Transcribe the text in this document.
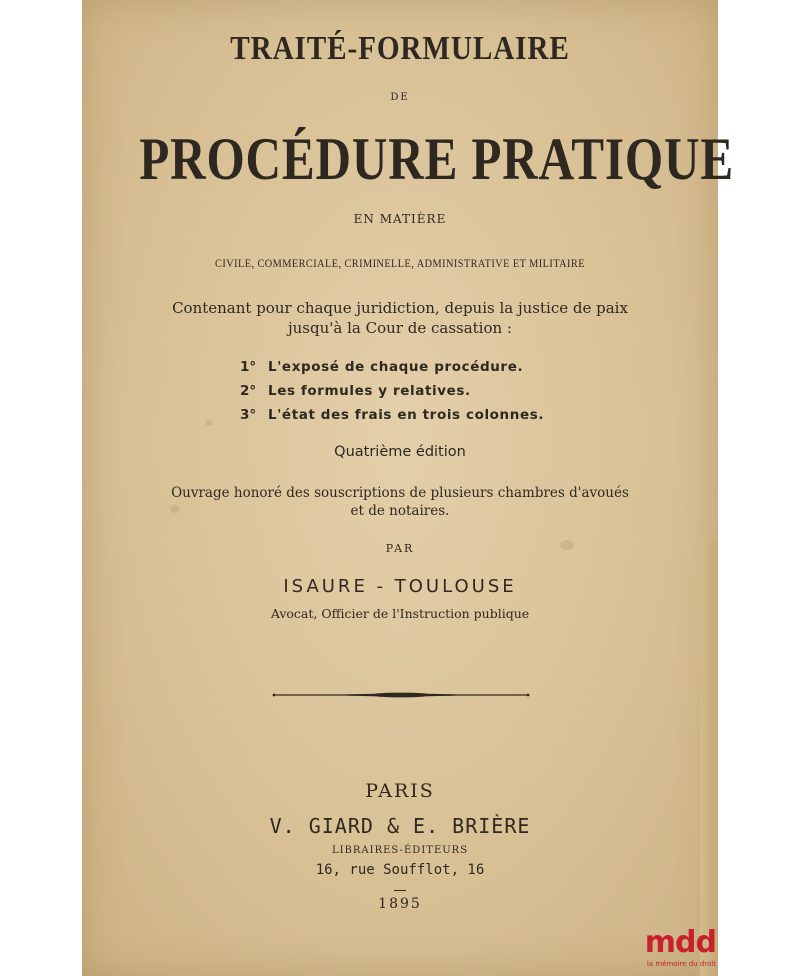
TRAITÉ-FORMULAIRE
DE
PROCÉDURE PRATIQUE
EN MATIÈRE
CIVILE, COMMERCIALE, CRIMINELLE, ADMINISTRATIVE ET MILITAIRE
Contenant pour chaque juridiction, depuis la justice de paix
jusqu'à la Cour de cassation :
1° L'exposé de chaque procédure.
2° Les formules y relatives.
3° L'état des frais en trois colonnes.
Quatrième édition
Ouvrage honoré des souscriptions de plusieurs chambres d'avoués
et de notaires.
PAR
ISAURE - TOULOUSE
Avocat, Officier de l'Instruction publique
PARIS
V. GIARD & E. BRIÈRE
LIBRAIRES-ÉDITEURS
16, rue Soufflot, 16
1895
mdd
la mémoire du droit
